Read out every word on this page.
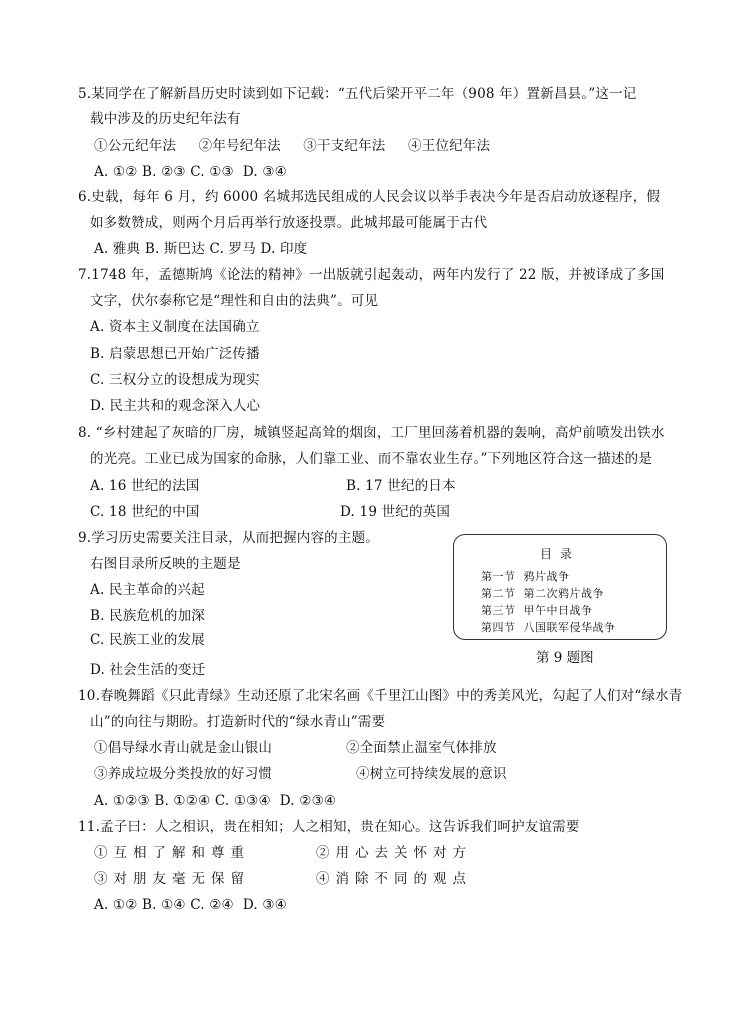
5.某同学在了解新昌历史时读到如下记载：“五代后梁开平二年（908 年）置新昌县。”这一记
载中涉及的历史纪年法有
①公元纪年法     ②年号纪年法     ③干支纪年法     ④王位纪年法
A. ①② B. ②③ C. ①③  D. ③④
6.史载，每年 6 月，约 6000 名城邦选民组成的人民会议以举手表决今年是否启动放逐程序，假
如多数赞成，则两个月后再举行放逐投票。此城邦最可能属于古代
A. 雅典 B. 斯巴达 C. 罗马 D. 印度
7.1748 年，孟德斯鸠《论法的精神》一出版就引起轰动，两年内发行了 22 版，并被译成了多国
文字，伏尔泰称它是“理性和自由的法典”。可见
A. 资本主义制度在法国确立
B. 启蒙思想已开始广泛传播
C. 三权分立的设想成为现实
D. 民主共和的观念深入人心
8. “乡村建起了灰暗的厂房，城镇竖起高耸的烟囱，工厂里回荡着机器的轰响，高炉前喷发出铁水
的光亮。工业已成为国家的命脉，人们靠工业、而不靠农业生存。”下列地区符合这一描述的是
A. 16 世纪的法国	B. 17 世纪的日本
C. 18 世纪的中国	D. 19 世纪的英国
9.学习历史需要关注目录，从而把握内容的主题。
右图目录所反映的主题是
A. 民主革命的兴起
B. 民族危机的加深
C. 民族工业的发展
D. 社会生活的变迁
目录
第一节 鸦片战争
第二节 第二次鸦片战争
第三节 甲午中日战争
第四节 八国联军侵华战争
第 9 题图
10.春晚舞蹈《只此青绿》生动还原了北宋名画《千里江山图》中的秀美风光，勾起了人们对“绿水青
山”的向往与期盼。打造新时代的“绿水青山”需要
①倡导绿水青山就是金山银山	②全面禁止温室气体排放
③养成垃圾分类投放的好习惯	④树立可持续发展的意识
A. ①②③ B. ①②④ C. ①③④  D. ②③④
11.孟子曰：人之相识，贵在相知；人之相知，贵在知心。这告诉我们呵护友谊需要
①互相了解和尊重	②用心去关怀对方
③对朋友毫无保留	④消除不同的观点
A. ①② B. ①④ C. ②④  D. ③④
